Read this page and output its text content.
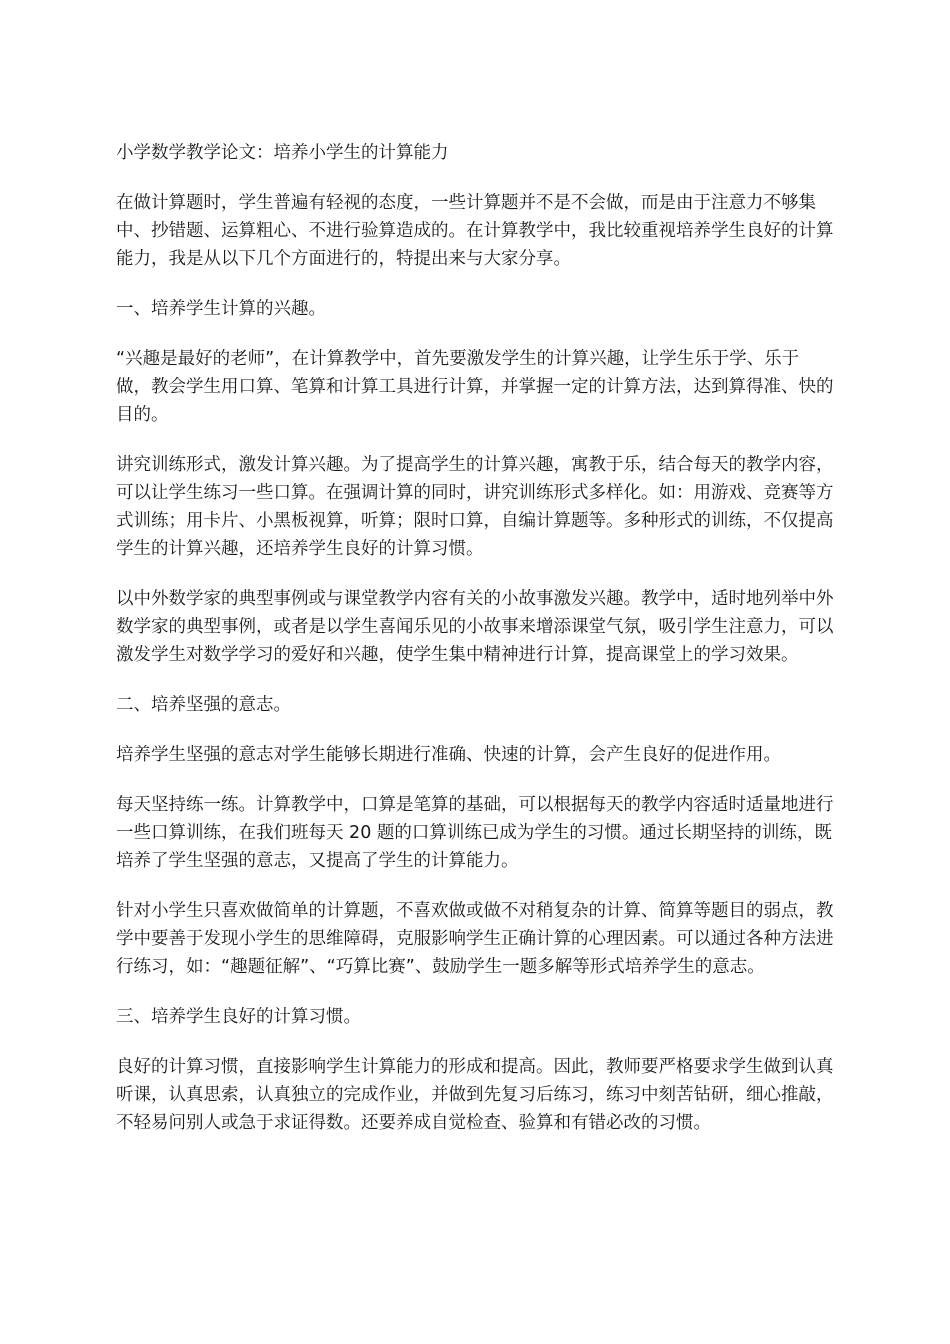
小学数学教学论文：培养小学生的计算能力

在做计算题时，学生普遍有轻视的态度，一些计算题并不是不会做，而是由于注意力不够集中、抄错题、运算粗心、不进行验算造成的。在计算教学中，我比较重视培养学生良好的计算能力，我是从以下几个方面进行的，特提出来与大家分享。

一、培养学生计算的兴趣。

“兴趣是最好的老师”，在计算教学中，首先要激发学生的计算兴趣，让学生乐于学、乐于做，教会学生用口算、笔算和计算工具进行计算，并掌握一定的计算方法，达到算得准、快的目的。

讲究训练形式，激发计算兴趣。为了提高学生的计算兴趣，寓教于乐，结合每天的教学内容，可以让学生练习一些口算。在强调计算的同时，讲究训练形式多样化。如：用游戏、竞赛等方式训练；用卡片、小黑板视算，听算；限时口算，自编计算题等。多种形式的训练，不仅提高学生的计算兴趣，还培养学生良好的计算习惯。

以中外数学家的典型事例或与课堂教学内容有关的小故事激发兴趣。教学中，适时地列举中外数学家的典型事例，或者是以学生喜闻乐见的小故事来增添课堂气氛，吸引学生注意力，可以激发学生对数学学习的爱好和兴趣，使学生集中精神进行计算，提高课堂上的学习效果。

二、培养坚强的意志。

培养学生坚强的意志对学生能够长期进行准确、快速的计算，会产生良好的促进作用。

每天坚持练一练。计算教学中，口算是笔算的基础，可以根据每天的教学内容适时适量地进行一些口算训练，在我们班每天 20 题的口算训练已成为学生的习惯。通过长期坚持的训练，既培养了学生坚强的意志，又提高了学生的计算能力。

针对小学生只喜欢做简单的计算题，不喜欢做或做不对稍复杂的计算、简算等题目的弱点，教学中要善于发现小学生的思维障碍，克服影响学生正确计算的心理因素。可以通过各种方法进行练习，如：“趣题征解”、“巧算比赛”、鼓励学生一题多解等形式培养学生的意志。

三、培养学生良好的计算习惯。

良好的计算习惯，直接影响学生计算能力的形成和提高。因此，教师要严格要求学生做到认真听课，认真思索，认真独立的完成作业，并做到先复习后练习，练习中刻苦钻研，细心推敲，不轻易问别人或急于求证得数。还要养成自觉检查、验算和有错必改的习惯。
